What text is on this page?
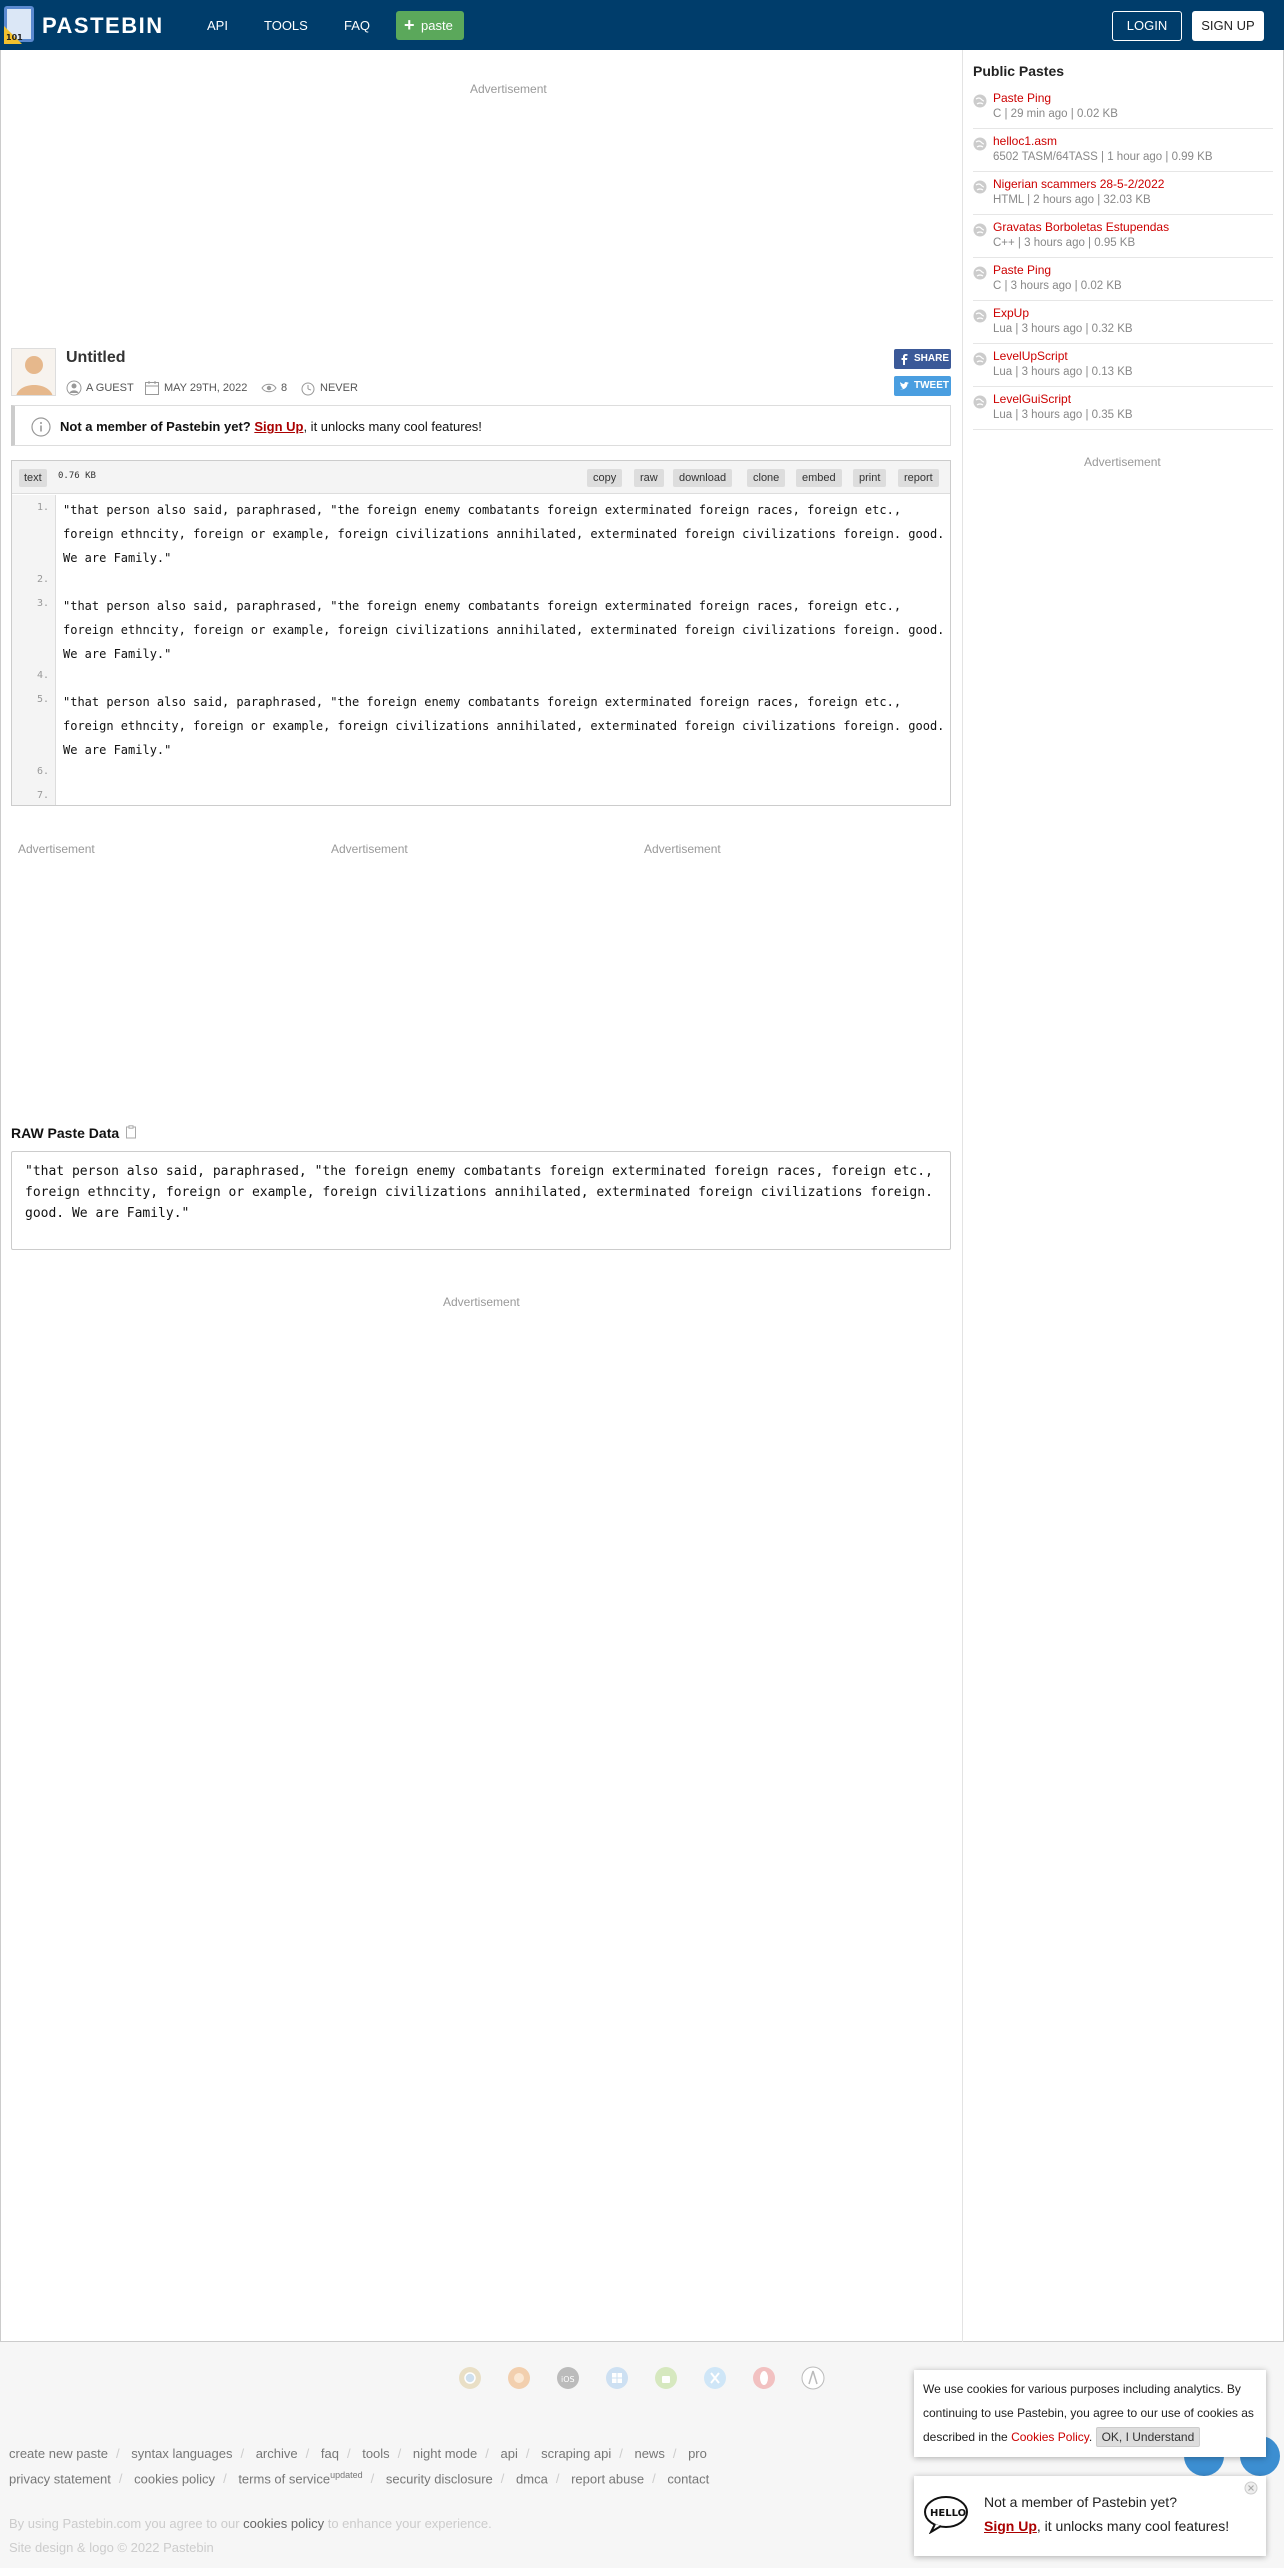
101 PASTEBIN	API	TOOLS	FAQ + paste	LOGIN	SIGN UP
Advertisement
Untitled
A GUEST	MAY 29TH, 2022	8	NEVER
SHARE
TWEET
Not a member of Pastebin yet? Sign Up, it unlocks many cool features!
text	0.76 KB	copy	raw	download	clone	embed	print	report
1.
2.
3.
4.
5.
6.
7.
"that person also said, paraphrased, "the foreign enemy combatants foreign exterminated foreign races, foreign etc., foreign ethncity, foreign or example, foreign civilizations annihilated, exterminated foreign civilizations foreign. good. We are Family."
"that person also said, paraphrased, "the foreign enemy combatants foreign exterminated foreign races, foreign etc., foreign ethncity, foreign or example, foreign civilizations annihilated, exterminated foreign civilizations foreign. good. We are Family."
"that person also said, paraphrased, "the foreign enemy combatants foreign exterminated foreign races, foreign etc., foreign ethncity, foreign or example, foreign civilizations annihilated, exterminated foreign civilizations foreign. good. We are Family."
Advertisement	Advertisement	Advertisement
RAW Paste Data
"that person also said, paraphrased, "the foreign enemy combatants foreign exterminated foreign races, foreign etc., foreign ethncity, foreign or example, foreign civilizations annihilated, exterminated foreign civilizations foreign. good. We are Family." "that person also said, paraphrased, "the foreign enemy combatants foreign exterminated foreign races, foreign etc., foreign ethncity, foreign or example, foreign civilizations annihilated, exterminated foreign civilizations foreign. good. We are Family."
Advertisement
Public Pastes
Paste Ping
C | 29 min ago | 0.02 KB
helloc1.asm
6502 TASM/64TASS | 1 hour ago | 0.99 KB
Nigerian scammers 28-5-2/2022
HTML | 2 hours ago | 32.03 KB
Gravatas Borboletas Estupendas
C++ | 3 hours ago | 0.95 KB
Paste Ping
C | 3 hours ago | 0.02 KB
ExpUp
Lua | 3 hours ago | 0.32 KB
LevelUpScript
Lua | 3 hours ago | 0.13 KB
LevelGuiScript
Lua | 3 hours ago | 0.35 KB
Advertisement
iOS
create new paste / syntax languages / archive / faq / tools / night mode / api / scraping api / news / pro
privacy statement / cookies policy / terms of service$^{updated}$ / security disclosure / dmca / report abuse / contact
By using Pastebin.com you agree to our cookies policy to enhance your experience.
Site design & logo © 2022 Pastebin
We use cookies for various purposes including analytics. By continuing to use Pastebin, you agree to our use of cookies as described in the Cookies Policy. OK, I Understand
HELLO
Not a member of Pastebin yet?
Sign Up, it unlocks many cool features!
